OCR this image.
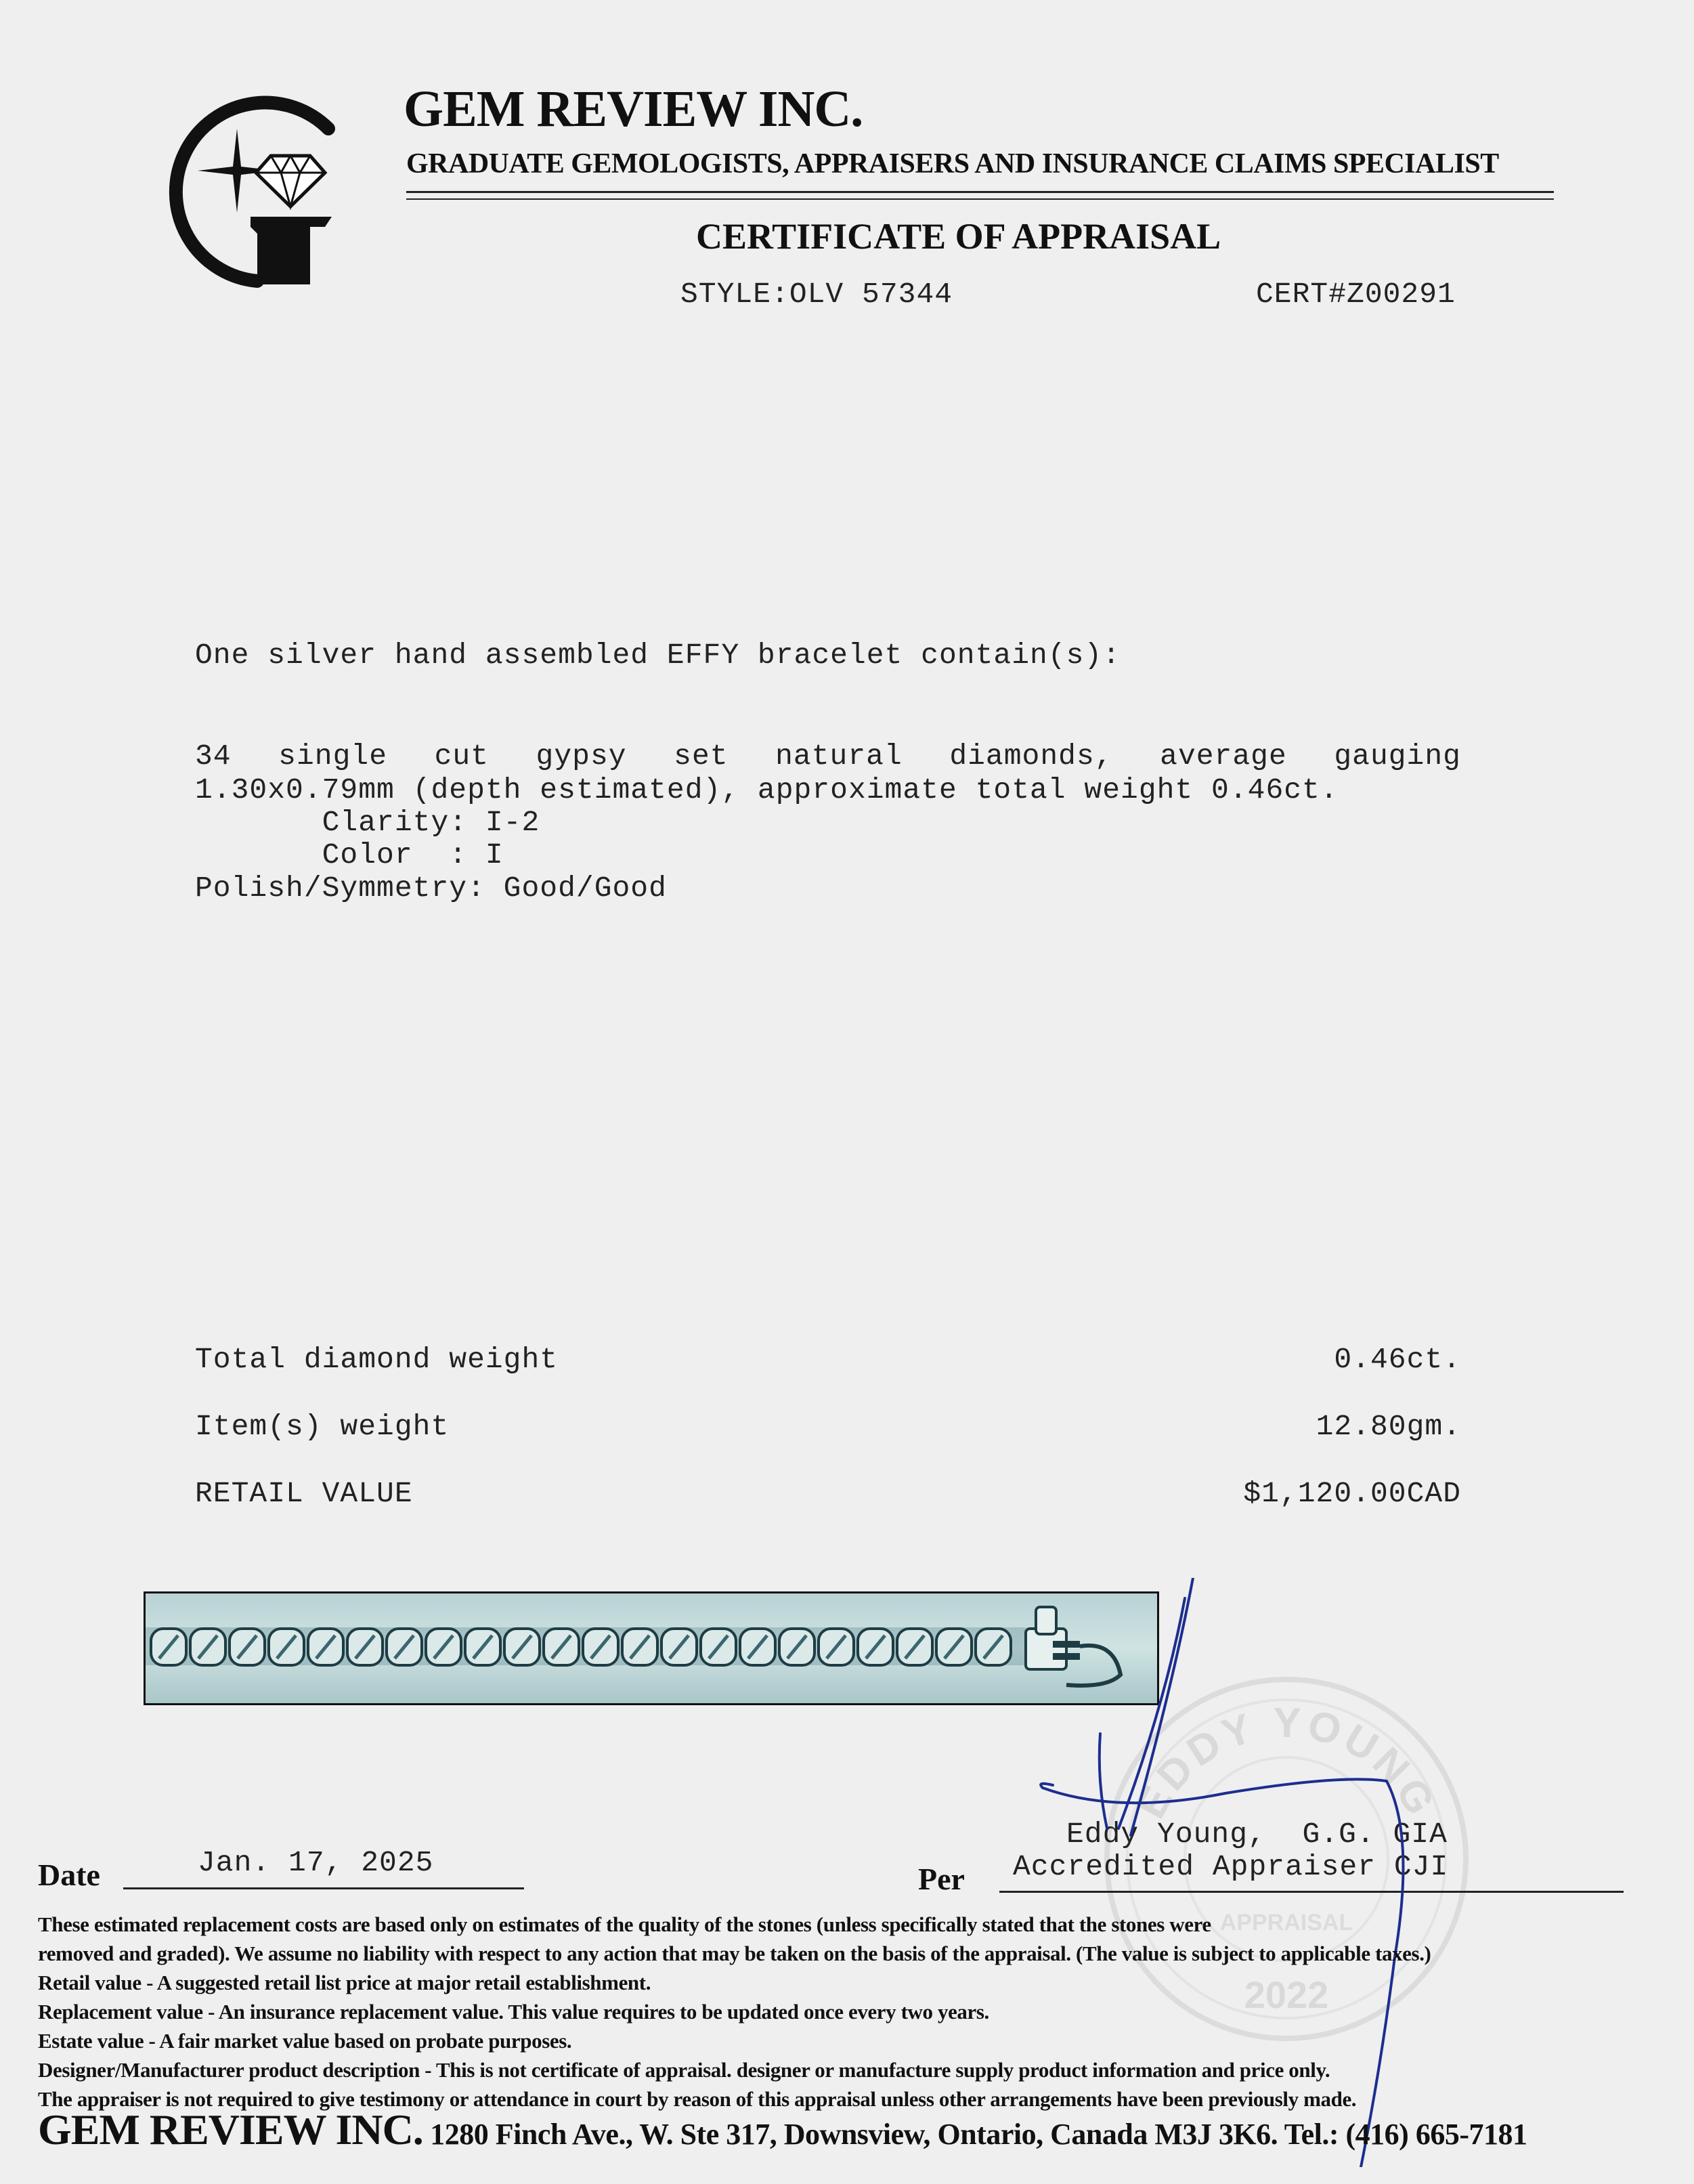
GEM REVIEW INC.
GRADUATE GEMOLOGISTS, APPRAISERS AND INSURANCE CLAIMS SPECIALIST
CERTIFICATE OF APPRAISAL
STYLE:OLV 57344	CERT#Z00291
One silver hand assembled EFFY bracelet contain(s):
34 single cut gypsy set natural diamonds, average gauging
1.30x0.79mm (depth estimated), approximate total weight 0.46ct.
Clarity: I-2
Color  : I
Polish/Symmetry: Good/Good
Total diamond weight	0.46ct.
Item(s) weight	12.80gm.
RETAIL VALUE	$1,120.00CAD
EDDY YOUNG
APPRAISAL
2022
Eddy Young,  G.G. GIA
Accredited Appraiser CJI
Date	Jan. 17, 2025	Per
These estimated replacement costs are based only on estimates of the quality of the stones (unless specifically stated that the stones were
removed and graded). We assume no liability with respect to any action that may be taken on the basis of the appraisal. (The value is subject to applicable taxes.)
Retail value - A suggested retail list price at major retail establishment.
Replacement value - An insurance replacement value. This value requires to be updated once every two years.
Estate value - A fair market value based on probate purposes.
Designer/Manufacturer product description - This is not certificate of appraisal. designer or manufacture supply product information and price only.
The appraiser is not required to give testimony or attendance in court by reason of this appraisal unless other arrangements have been previously made.
GEM REVIEW INC. 1280 Finch Ave., W. Ste 317, Downsview, Ontario, Canada M3J 3K6. Tel.: (416) 665-7181
